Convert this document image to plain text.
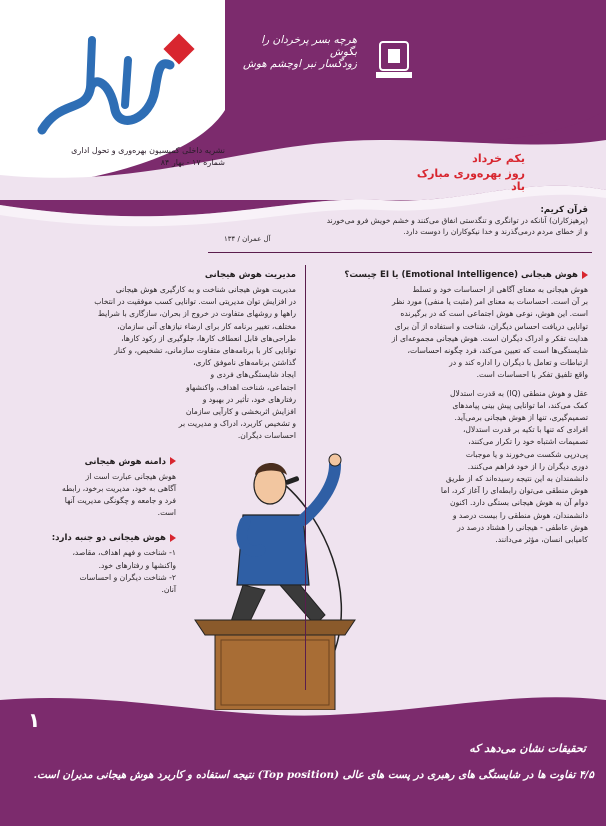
نشریه داخلی کمیسیون بهره‌وری و تحول اداری
شماره ۱۷ - بهار ۸۴
هرچه بسر پرخردان را بگوش
زودگسار نبر اوچشم هوش
یکم خرداد
روز بهره‌وری مبارک باد
قرآن کریم:
(پرهیزکاران) آنانکه در توانگری و تنگدستی انفاق می‌کنند و خشم خویش فرو می‌خورند
و از خطای مردم درمی‌گذرند و خدا نیکوکاران را دوست دارد.
آل عمران / ۱۳۴
هوش هیجانی (Emotional Intelligence) یا EI چیست؟
هوش هیجانی به معنای آگاهی از احساسات خود و تسلط
بر آن است. احساسات به معنای امر (مثبت یا منفی) مورد نظر
است. این هوش، نوعی هوش اجتماعی است که در برگیرنده
توانایی دریافت احساس دیگران، شناخت و استفاده از آن برای
هدایت تفکر و ادراک دیگران است. هوش هیجانی مجموعه‌ای از
شایستگی‌ها است که تعیین می‌کند، فرد چگونه احساسات،
ارتباطات و تعامل با دیگران را اداره کند و در
واقع تلفیق تفکر با احساسات است.
عقل و هوش منطقی (IQ) به قدرت استدلال
کمک می‌کند، اما توانایی پیش بینی پیامدهای
تصمیم‌گیری، تنها از هوش هیجانی برمی‌آید.
افرادی که تنها با تکیه بر قدرت استدلال،
تصمیمات اشتباه خود را تکرار می‌کنند،
پی‌درپی شکست می‌خورند و یا موجبات
دوری دیگران را از خود فراهم می‌کنند.
دانشمندان به این نتیجه رسیده‌اند که از طریق
هوش منطقی می‌توان رابطه‌ای را آغاز کرد، اما
دوام آن به هوش هیجانی بستگی دارد. اکنون
دانشمندان، هوش منطقی را بیست درصد و
هوش عاطفی - هیجانی را هشتاد درصد در
کامیابی انسان، مؤثر می‌دانند.
مدیریت هوش هیجانی
مدیریت هوش هیجانی شناخت و به کارگیری هوش هیجانی
در افزایش توان مدیریتی است. توانایی کسب موفقیت در انتخاب
راهها و روشهای متفاوت در خروج از بحران، سازگاری با شرایط
مختلف، تغییر برنامه کار برای ارضاء نیازهای آنی سازمان،
طراحی‌های قابل انعطاف کارها، جلوگیری از رکود کارها،
توانایی کار با برنامه‌های متفاوت سازمانی، تشخیص، و کنار
گذاشتن برنامه‌های ناموفق کاری،
ایجاد شایستگی‌های فردی و
اجتماعی، شناخت اهداف، واکنشهاو
رفتارهای خود، تأثیر در بهبود و
افزایش اثربخشی و کارآیی سازمان
و تشخیص کاربرد، ادراک و مدیریت بر
احساسات دیگران.
دامنه هوش هیجانی
هوش هیجانی عبارت است از
آگاهی به خود، مدیریت برخود، رابطه
فرد و جامعه و چگونگی مدیریت آنها
است.
هوش هیجانی دو جنبه دارد:
۱- شناخت و فهم اهداف، مقاصد،
واکنشها و رفتارهای خود.
۲- شناخت دیگران و احساسات
آنان.
۱
تحقیقات نشان می‌دهد که
۴/۵ تفاوت ها در شایستگی های رهبری در پست های عالی (Top position) نتیجه استفاده و کاربرد هوش هیجانی مدیران است.
